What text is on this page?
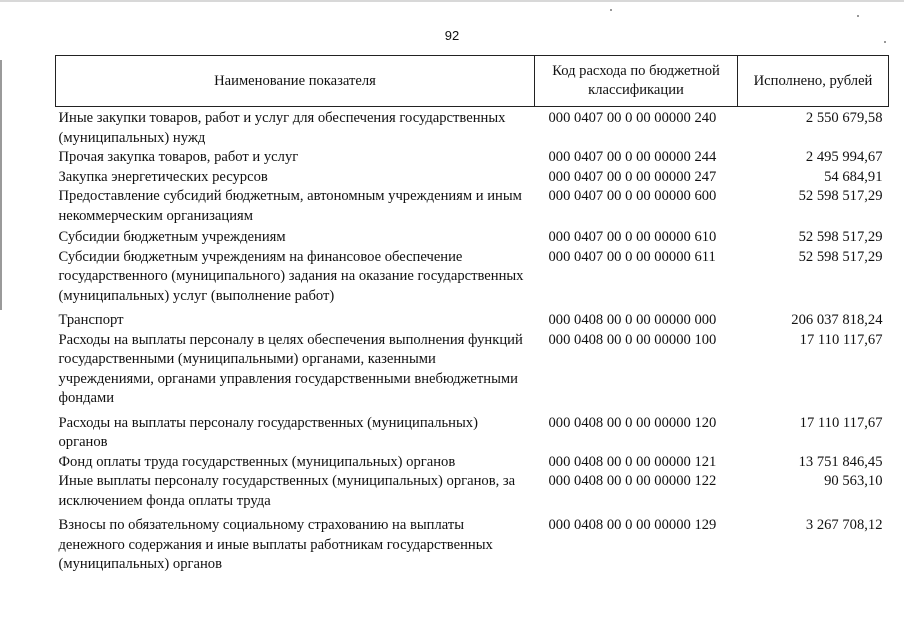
92
Наименование показателя	Код расхода по бюджетной классификации	Исполнено, рублей
Иные закупки товаров, работ и услуг для обеспечения государственных (муниципальных) нужд	000 0407 00 0 00 00000 240	2 550 679,58
Прочая закупка товаров, работ и услуг	000 0407 00 0 00 00000 244	2 495 994,67
Закупка энергетических ресурсов	000 0407 00 0 00 00000 247	54 684,91
Предоставление субсидий бюджетным, автономным учреждениям и иным некоммерческим организациям	000 0407 00 0 00 00000 600	52 598 517,29
Субсидии бюджетным учреждениям	000 0407 00 0 00 00000 610	52 598 517,29
Субсидии бюджетным учреждениям на финансовое обеспечение государственного (муниципального) задания на оказание государственных (муниципальных) услуг (выполнение работ)	000 0407 00 0 00 00000 611	52 598 517,29
Транспорт	000 0408 00 0 00 00000 000	206 037 818,24
Расходы на выплаты персоналу в целях обеспечения выполнения функций государственными (муниципальными) органами, казенными учреждениями, органами управления государственными внебюджетными фондами	000 0408 00 0 00 00000 100	17 110 117,67
Расходы на выплаты персоналу государственных (муниципальных) органов	000 0408 00 0 00 00000 120	17 110 117,67
Фонд оплаты труда государственных (муниципальных) органов	000 0408 00 0 00 00000 121	13 751 846,45
Иные выплаты персоналу государственных (муниципальных) органов, за исключением фонда оплаты труда	000 0408 00 0 00 00000 122	90 563,10
Взносы по обязательному социальному страхованию на выплаты денежного содержания и иные выплаты работникам государственных (муниципальных) органов	000 0408 00 0 00 00000 129	3 267 708,12
